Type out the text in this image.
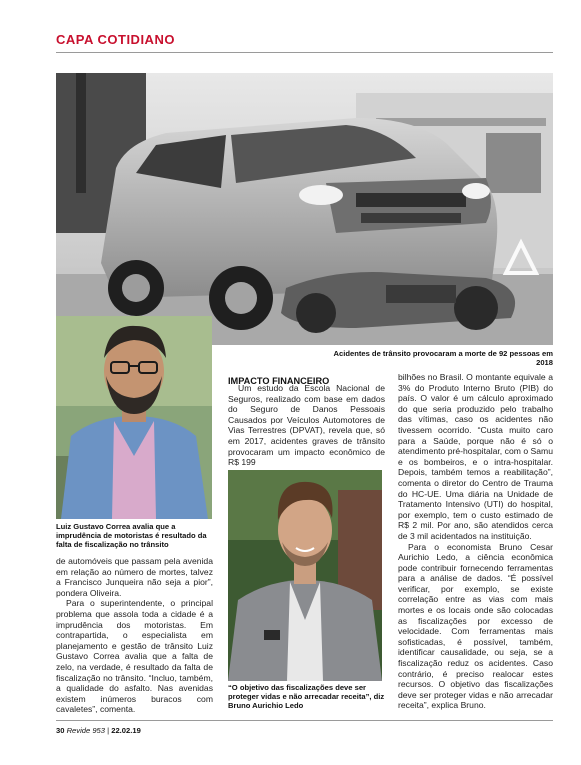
CAPA COTIDIANO
Acidentes de trânsito provocaram a morte de 92 pessoas em 2018
Luiz Gustavo Correa avalia que a imprudência de motoristas é resultado da falta de fiscalização no trânsito
“O objetivo das fiscalizações deve ser proteger vidas e não arrecadar receita”, diz Bruno Aurichio Ledo

de automóveis que passam pela avenida em relação ao número de mortes, talvez a Francisco Junqueira não seja a pior”, pondera Oliveira.

Para o superintendente, o principal problema que assola toda a cidade é a imprudência dos motoristas. Em contrapartida, o especialista em planejamento e gestão de trânsito Luiz Gustavo Correa avalia que a falta de zelo, na verdade, é resultado da falta de fiscalização no trânsito. “Incluo, também, a qualidade do asfalto. Nas avenidas existem inúmeros buracos com cavaletes”, comenta.

IMPACTO FINANCEIRO

Um estudo da Escola Nacional de Seguros, realizado com base em dados do Seguro de Danos Pessoais Causados por Veículos Automotores de Vias Terrestres (DPVAT), revela que, só em 2017, acidentes graves de trânsito provocaram um impacto econômico de R$ 199

bilhões no Brasil. O montante equivale a 3% do Produto Interno Bruto (PIB) do país. O valor é um cálculo aproximado do que seria produzido pelo trabalho das vítimas, caso os acidentes não tivessem ocorrido. “Custa muito caro para a Saúde, porque não é só o atendimento pré-hospitalar, com o Samu e os bombeiros, e o intra-hospitalar. Depois, também temos a reabilitação”, comenta o diretor do Centro de Trauma do HC-UE. Uma diária na Unidade de Tratamento Intensivo (UTI) do hospital, por exemplo, tem o custo estimado de R$ 2 mil. Por ano, são atendidos cerca de 3 mil acidentados na instituição.

Para o economista Bruno Cesar Aurichio Ledo, a ciência econômica pode contribuir fornecendo ferramentas para a análise de dados. “É possível verificar, por exemplo, se existe correlação entre as vias com mais mortes e os locais onde são colocadas as fiscalizações por excesso de velocidade. Com ferramentas mais sofisticadas, é possível, também, identificar causalidade, ou seja, se a fiscalização reduz os acidentes. Caso contrário, é preciso realocar estes recursos. O objetivo das fiscalizações deve ser proteger vidas e não arrecadar receita”, explica Bruno.

30 Revide 953 | 22.02.19
